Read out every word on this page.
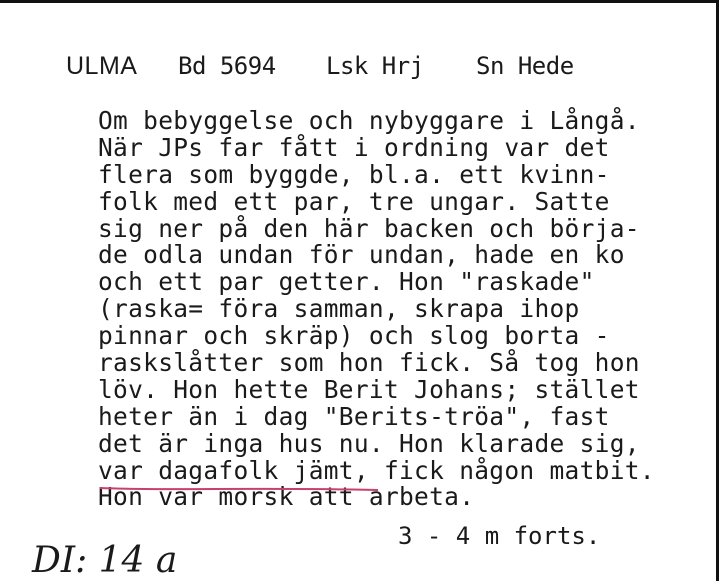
ULMA Bd 5694 Lsk Hrj Sn Hede
Om bebyggelse och nybyggare i Långå.
När JPs far fått i ordning var det
flera som byggde, bl.a. ett kvinn-
folk med ett par, tre ungar. Satte
sig ner på den här backen och börja-
de odla undan för undan, hade en ko
och ett par getter. Hon "raskade"
(raska= föra samman, skrapa ihop
pinnar och skräp) och slog borta -
raskslåtter som hon fick. Så tog hon
löv. Hon hette Berit Johans; stället
heter än i dag "Berits-tröa", fast
det är inga hus nu. Hon klarade sig,
var dagafolk jämt, fick någon matbit.
Hon var morsk att arbeta.
3 - 4 m forts.
DI: 14 a
